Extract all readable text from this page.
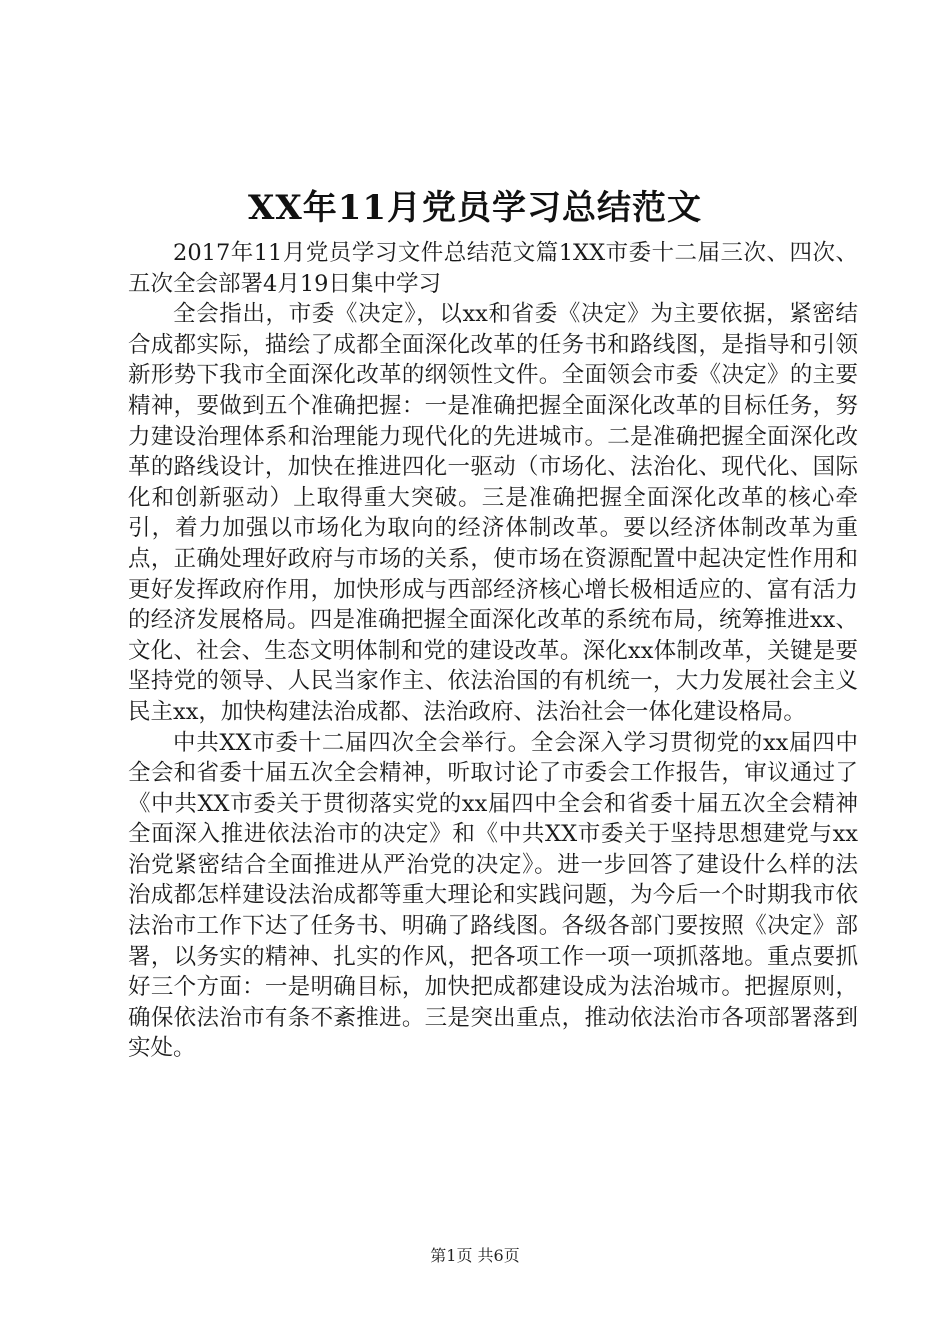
XX年11月党员学习总结范文

2017年11月党员学习文件总结范文篇1XX市委十二届三次、四次、五次全会部署4月19日集中学习

全会指出，市委《决定》，以xx和省委《决定》为主要依据，紧密结合成都实际，描绘了成都全面深化改革的任务书和路线图，是指导和引领新形势下我市全面深化改革的纲领性文件。全面领会市委《决定》的主要精神，要做到五个准确把握：一是准确把握全面深化改革的目标任务，努力建设治理体系和治理能力现代化的先进城市。二是准确把握全面深化改革的路线设计，加快在推进四化一驱动（市场化、法治化、现代化、国际化和创新驱动）上取得重大突破。三是准确把握全面深化改革的核心牵引，着力加强以市场化为取向的经济体制改革。要以经济体制改革为重点，正确处理好政府与市场的关系，使市场在资源配置中起决定性作用和更好发挥政府作用，加快形成与西部经济核心增长极相适应的、富有活力的经济发展格局。四是准确把握全面深化改革的系统布局，统筹推进xx、文化、社会、生态文明体制和党的建设改革。深化xx体制改革，关键是要坚持党的领导、人民当家作主、依法治国的有机统一，大力发展社会主义民主xx，加快构建法治成都、法治政府、法治社会一体化建设格局。

中共XX市委十二届四次全会举行。全会深入学习贯彻党的xx届四中全会和省委十届五次全会精神，听取讨论了市委会工作报告，审议通过了《中共XX市委关于贯彻落实党的xx届四中全会和省委十届五次全会精神全面深入推进依法治市的决定》和《中共XX市委关于坚持思想建党与xx治党紧密结合全面推进从严治党的决定》。进一步回答了建设什么样的法治成都怎样建设法治成都等重大理论和实践问题，为今后一个时期我市依法治市工作下达了任务书、明确了路线图。各级各部门要按照《决定》部署，以务实的精神、扎实的作风，把各项工作一项一项抓落地。重点要抓好三个方面：一是明确目标，加快把成都建设成为法治城市。把握原则，确保依法治市有条不紊推进。三是突出重点，推动依法治市各项部署落到实处。

第1页 共6页
